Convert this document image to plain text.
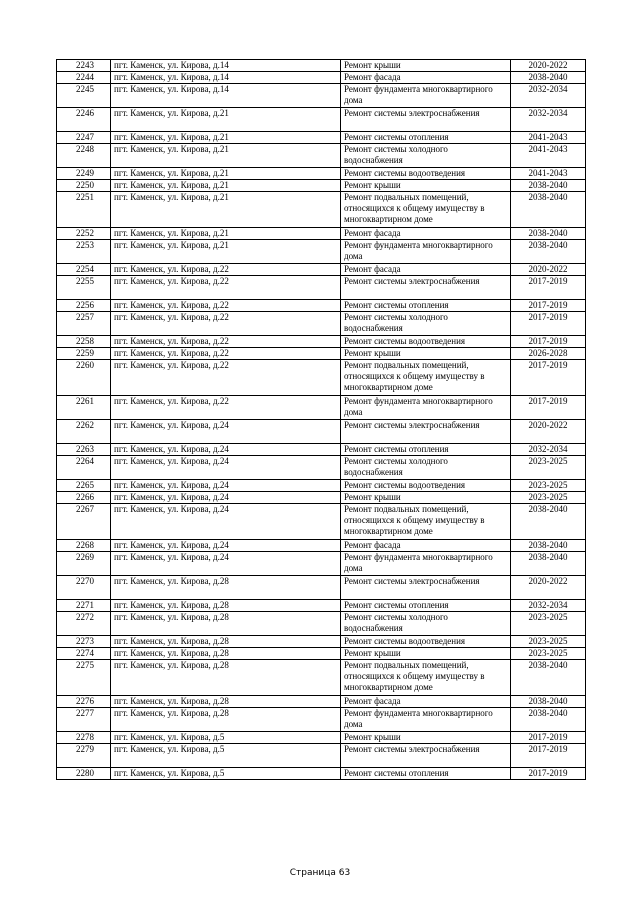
2243	пгт. Каменск, ул. Кирова, д.14	Ремонт крыши	2020-2022
2244	пгт. Каменск, ул. Кирова, д.14	Ремонт фасада	2038-2040
2245	пгт. Каменск, ул. Кирова, д.14	Ремонт фундамента многоквартирного дома	2032-2034
2246	пгт. Каменск, ул. Кирова, д.21	Ремонт системы электроснабжения	2032-2034
2247	пгт. Каменск, ул. Кирова, д.21	Ремонт системы отопления	2041-2043
2248	пгт. Каменск, ул. Кирова, д.21	Ремонт системы холодного водоснабжения	2041-2043
2249	пгт. Каменск, ул. Кирова, д.21	Ремонт системы водоотведения	2041-2043
2250	пгт. Каменск, ул. Кирова, д.21	Ремонт крыши	2038-2040
2251	пгт. Каменск, ул. Кирова, д.21	Ремонт подвальных помещений, относящихся к общему имуществу в многоквартирном доме	2038-2040
2252	пгт. Каменск, ул. Кирова, д.21	Ремонт фасада	2038-2040
2253	пгт. Каменск, ул. Кирова, д.21	Ремонт фундамента многоквартирного дома	2038-2040
2254	пгт. Каменск, ул. Кирова, д.22	Ремонт фасада	2020-2022
2255	пгт. Каменск, ул. Кирова, д.22	Ремонт системы электроснабжения	2017-2019
2256	пгт. Каменск, ул. Кирова, д.22	Ремонт системы отопления	2017-2019
2257	пгт. Каменск, ул. Кирова, д.22	Ремонт системы холодного водоснабжения	2017-2019
2258	пгт. Каменск, ул. Кирова, д.22	Ремонт системы водоотведения	2017-2019
2259	пгт. Каменск, ул. Кирова, д.22	Ремонт крыши	2026-2028
2260	пгт. Каменск, ул. Кирова, д.22	Ремонт подвальных помещений, относящихся к общему имуществу в многоквартирном доме	2017-2019
2261	пгт. Каменск, ул. Кирова, д.22	Ремонт фундамента многоквартирного дома	2017-2019
2262	пгт. Каменск, ул. Кирова, д.24	Ремонт системы электроснабжения	2020-2022
2263	пгт. Каменск, ул. Кирова, д.24	Ремонт системы отопления	2032-2034
2264	пгт. Каменск, ул. Кирова, д.24	Ремонт системы холодного водоснабжения	2023-2025
2265	пгт. Каменск, ул. Кирова, д.24	Ремонт системы водоотведения	2023-2025
2266	пгт. Каменск, ул. Кирова, д.24	Ремонт крыши	2023-2025
2267	пгт. Каменск, ул. Кирова, д.24	Ремонт подвальных помещений, относящихся к общему имуществу в многоквартирном доме	2038-2040
2268	пгт. Каменск, ул. Кирова, д.24	Ремонт фасада	2038-2040
2269	пгт. Каменск, ул. Кирова, д.24	Ремонт фундамента многоквартирного дома	2038-2040
2270	пгт. Каменск, ул. Кирова, д.28	Ремонт системы электроснабжения	2020-2022
2271	пгт. Каменск, ул. Кирова, д.28	Ремонт системы отопления	2032-2034
2272	пгт. Каменск, ул. Кирова, д.28	Ремонт системы холодного водоснабжения	2023-2025
2273	пгт. Каменск, ул. Кирова, д.28	Ремонт системы водоотведения	2023-2025
2274	пгт. Каменск, ул. Кирова, д.28	Ремонт крыши	2023-2025
2275	пгт. Каменск, ул. Кирова, д.28	Ремонт подвальных помещений, относящихся к общему имуществу в многоквартирном доме	2038-2040
2276	пгт. Каменск, ул. Кирова, д.28	Ремонт фасада	2038-2040
2277	пгт. Каменск, ул. Кирова, д.28	Ремонт фундамента многоквартирного дома	2038-2040
2278	пгт. Каменск, ул. Кирова, д.5	Ремонт крыши	2017-2019
2279	пгт. Каменск, ул. Кирова, д.5	Ремонт системы электроснабжения	2017-2019
2280	пгт. Каменск, ул. Кирова, д.5	Ремонт системы отопления	2017-2019
Страница 63
